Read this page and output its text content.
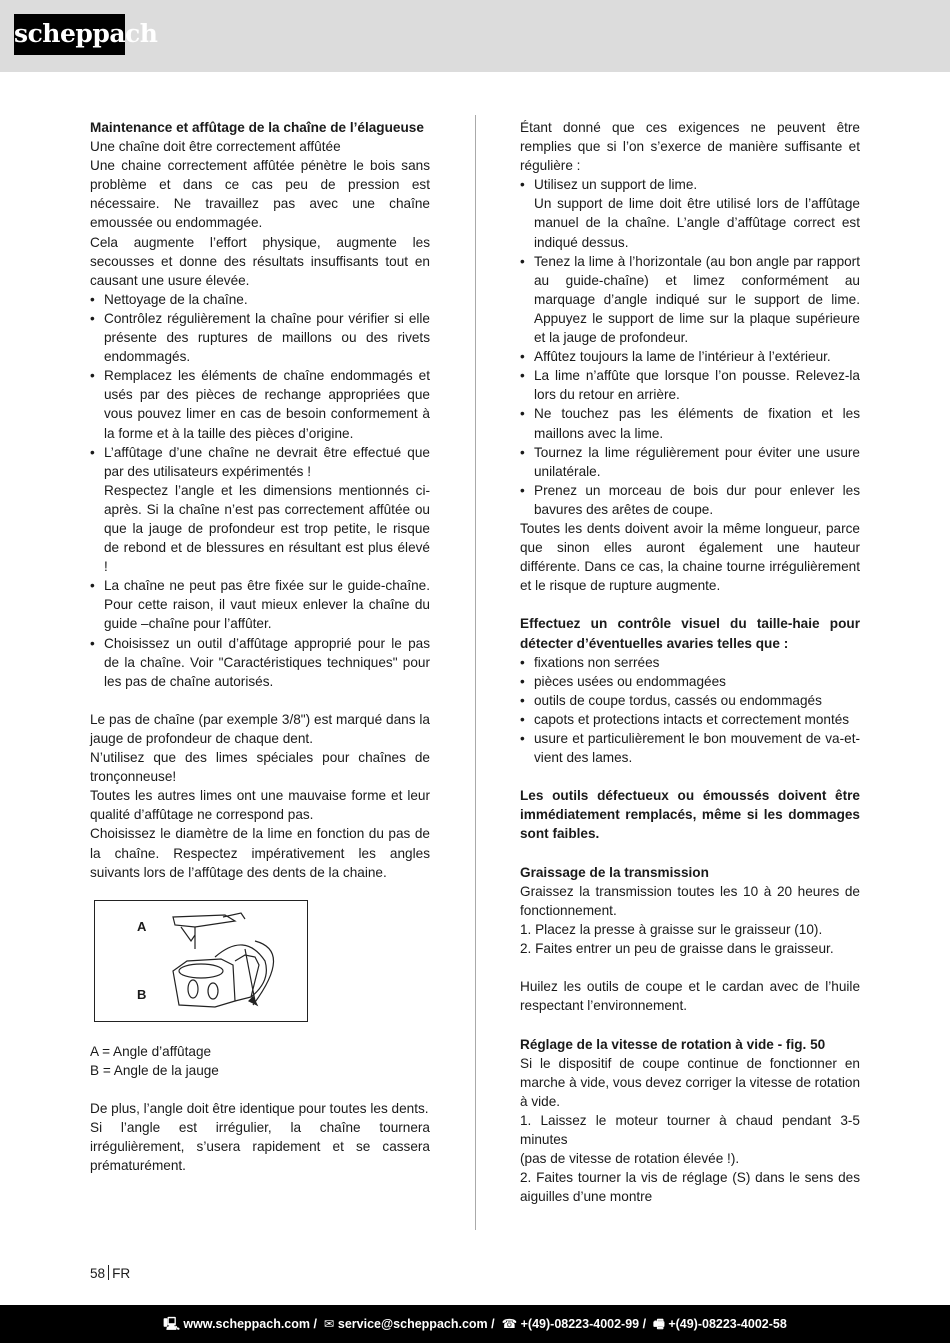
scheppach

Maintenance et affûtage de la chaîne de l’élagueuse

Une chaîne doit être correctement affûtée

Une chaine correctement affûtée pénètre le bois sans problème et dans ce cas peu de pression est nécessaire. Ne travaillez pas avec une chaîne emoussée ou endommagée.

Cela augmente l’effort physique, augmente les secousses et donne des résultats insuffisants tout en causant une usure élevée.

• Nettoyage de la chaîne.
• Contrôlez régulièrement la chaîne pour vérifier si elle présente des ruptures de maillons ou des rivets endommagés.
• Remplacez les éléments de chaîne endommagés et usés par des pièces de rechange appropriées que vous pouvez limer en cas de besoin conformement à la forme et à la taille des pièces d’origine.
• L’affûtage d’une chaîne ne devrait être effectué que par des utilisateurs expérimentés !
Respectez l’angle et les dimensions mentionnés ci-après. Si la chaîne n’est pas correctement affûtée ou que la jauge de profondeur est trop petite, le risque de rebond et de blessures en résultant est plus élevé !
• La chaîne ne peut pas être fixée sur le guide-chaîne. Pour cette raison, il vaut mieux enlever la chaîne du guide –chaîne pour l’affûter.
• Choisissez un outil d’affûtage approprié pour le pas de la chaîne. Voir "Caractéristiques techniques" pour les pas de chaîne autorisés.

Le pas de chaîne (par exemple 3/8") est marqué dans la jauge de profondeur de chaque dent.

N’utilisez que des limes spéciales pour chaînes de tronçonneuse!

Toutes les autres limes ont une mauvaise forme et leur qualité d’affûtage ne correspond pas.

Choisissez le diamètre de la lime en fonction du pas de la chaîne. Respectez impérativement les angles suivants lors de l’affûtage des dents de la chaine.

A
B

A = Angle d’affûtage

B = Angle de la jauge

De plus, l’angle doit être identique pour toutes les dents.

Si l’angle est irrégulier, la chaîne tournera irrégulièrement, s’usera rapidement et se cassera prématurément.

Étant donné que ces exigences ne peuvent être remplies que si l’on s’exerce de manière suffisante et régulière :

• Utilisez un support de lime.
Un support de lime doit être utilisé lors de l’affûtage manuel de la chaîne. L’angle d’affûtage correct est indiqué dessus.
• Tenez la lime à l’horizontale (au bon angle par rapport au guide-chaîne) et limez conformément au marquage d’angle indiqué sur le support de lime. Appuyez le support de lime sur la plaque supérieure et la jauge de profondeur.
• Affûtez toujours la lame de l’intérieur à l’extérieur.
• La lime n’affûte que lorsque l’on pousse. Relevez-la lors du retour en arrière.
• Ne touchez pas les éléments de fixation et les maillons avec la lime.
• Tournez la lime régulièrement pour éviter une usure unilatérale.
• Prenez un morceau de bois dur pour enlever les bavures des arêtes de coupe.

Toutes les dents doivent avoir la même longueur, parce que sinon elles auront également une hauteur différente. Dans ce cas, la chaine tourne irrégulièrement et le risque de rupture augmente.

Effectuez un contrôle visuel du taille-haie pour détecter d’éventuelles avaries telles que :

• fixations non serrées
• pièces usées ou endommagées
• outils de coupe tordus, cassés ou endommagés
• capots et protections intacts et correctement montés
• usure et particulièrement le bon mouvement de va-et-vient des lames.

Les outils défectueux ou émoussés doivent être immédiatement remplacés, même si les dommages sont faibles.

Graissage de la transmission

Graissez la transmission toutes les 10 à 20 heures de fonctionnement.

1. Placez la presse à graisse sur le graisseur (10).

2. Faites entrer un peu de graisse dans le graisseur.

Huilez les outils de coupe et le cardan avec de l’huile respectant l’environnement.

Réglage de la vitesse de rotation à vide - fig. 50

Si le dispositif de coupe continue de fonctionner en marche à vide, vous devez corriger la vitesse de rotation à vide.

1. Laissez le moteur tourner à chaud pendant 3-5 minutes

(pas de vitesse de rotation élevée !).

2. Faites tourner la vis de réglage (S) dans le sens des aiguilles d’une montre

58 FR
🖳 www.scheppach.com / ✉ service@scheppach.com / ☎ +(49)-08223-4002-99 / 🖷 +(49)-08223-4002-58
